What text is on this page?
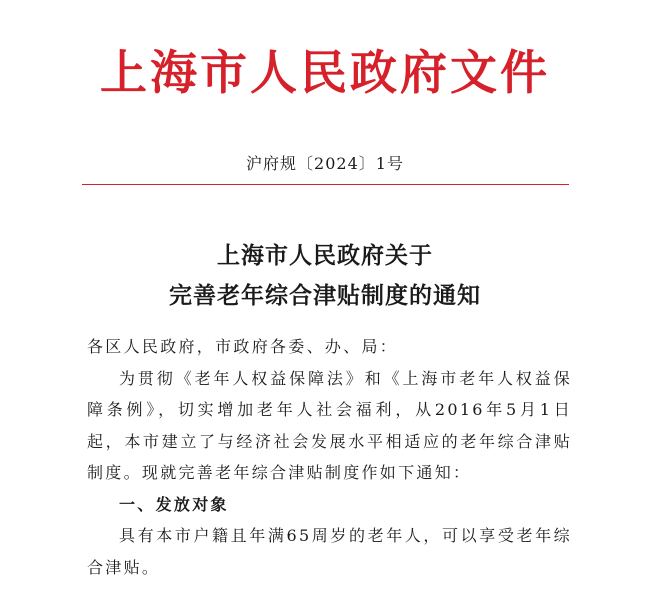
上海市人民政府文件
沪府规〔2024〕1号
上海市人民政府关于
完善老年综合津贴制度的通知

各区人民政府，市政府各委、办、局：

为贯彻《老年人权益保障法》和《上海市老年人权益保障条例》，切实增加老年人社会福利，从2016年5月1日起，本市建立了与经济社会发展水平相适应的老年综合津贴制度。现就完善老年综合津贴制度作如下通知：

一、发放对象

具有本市户籍且年满65周岁的老年人，可以享受老年综合津贴。
